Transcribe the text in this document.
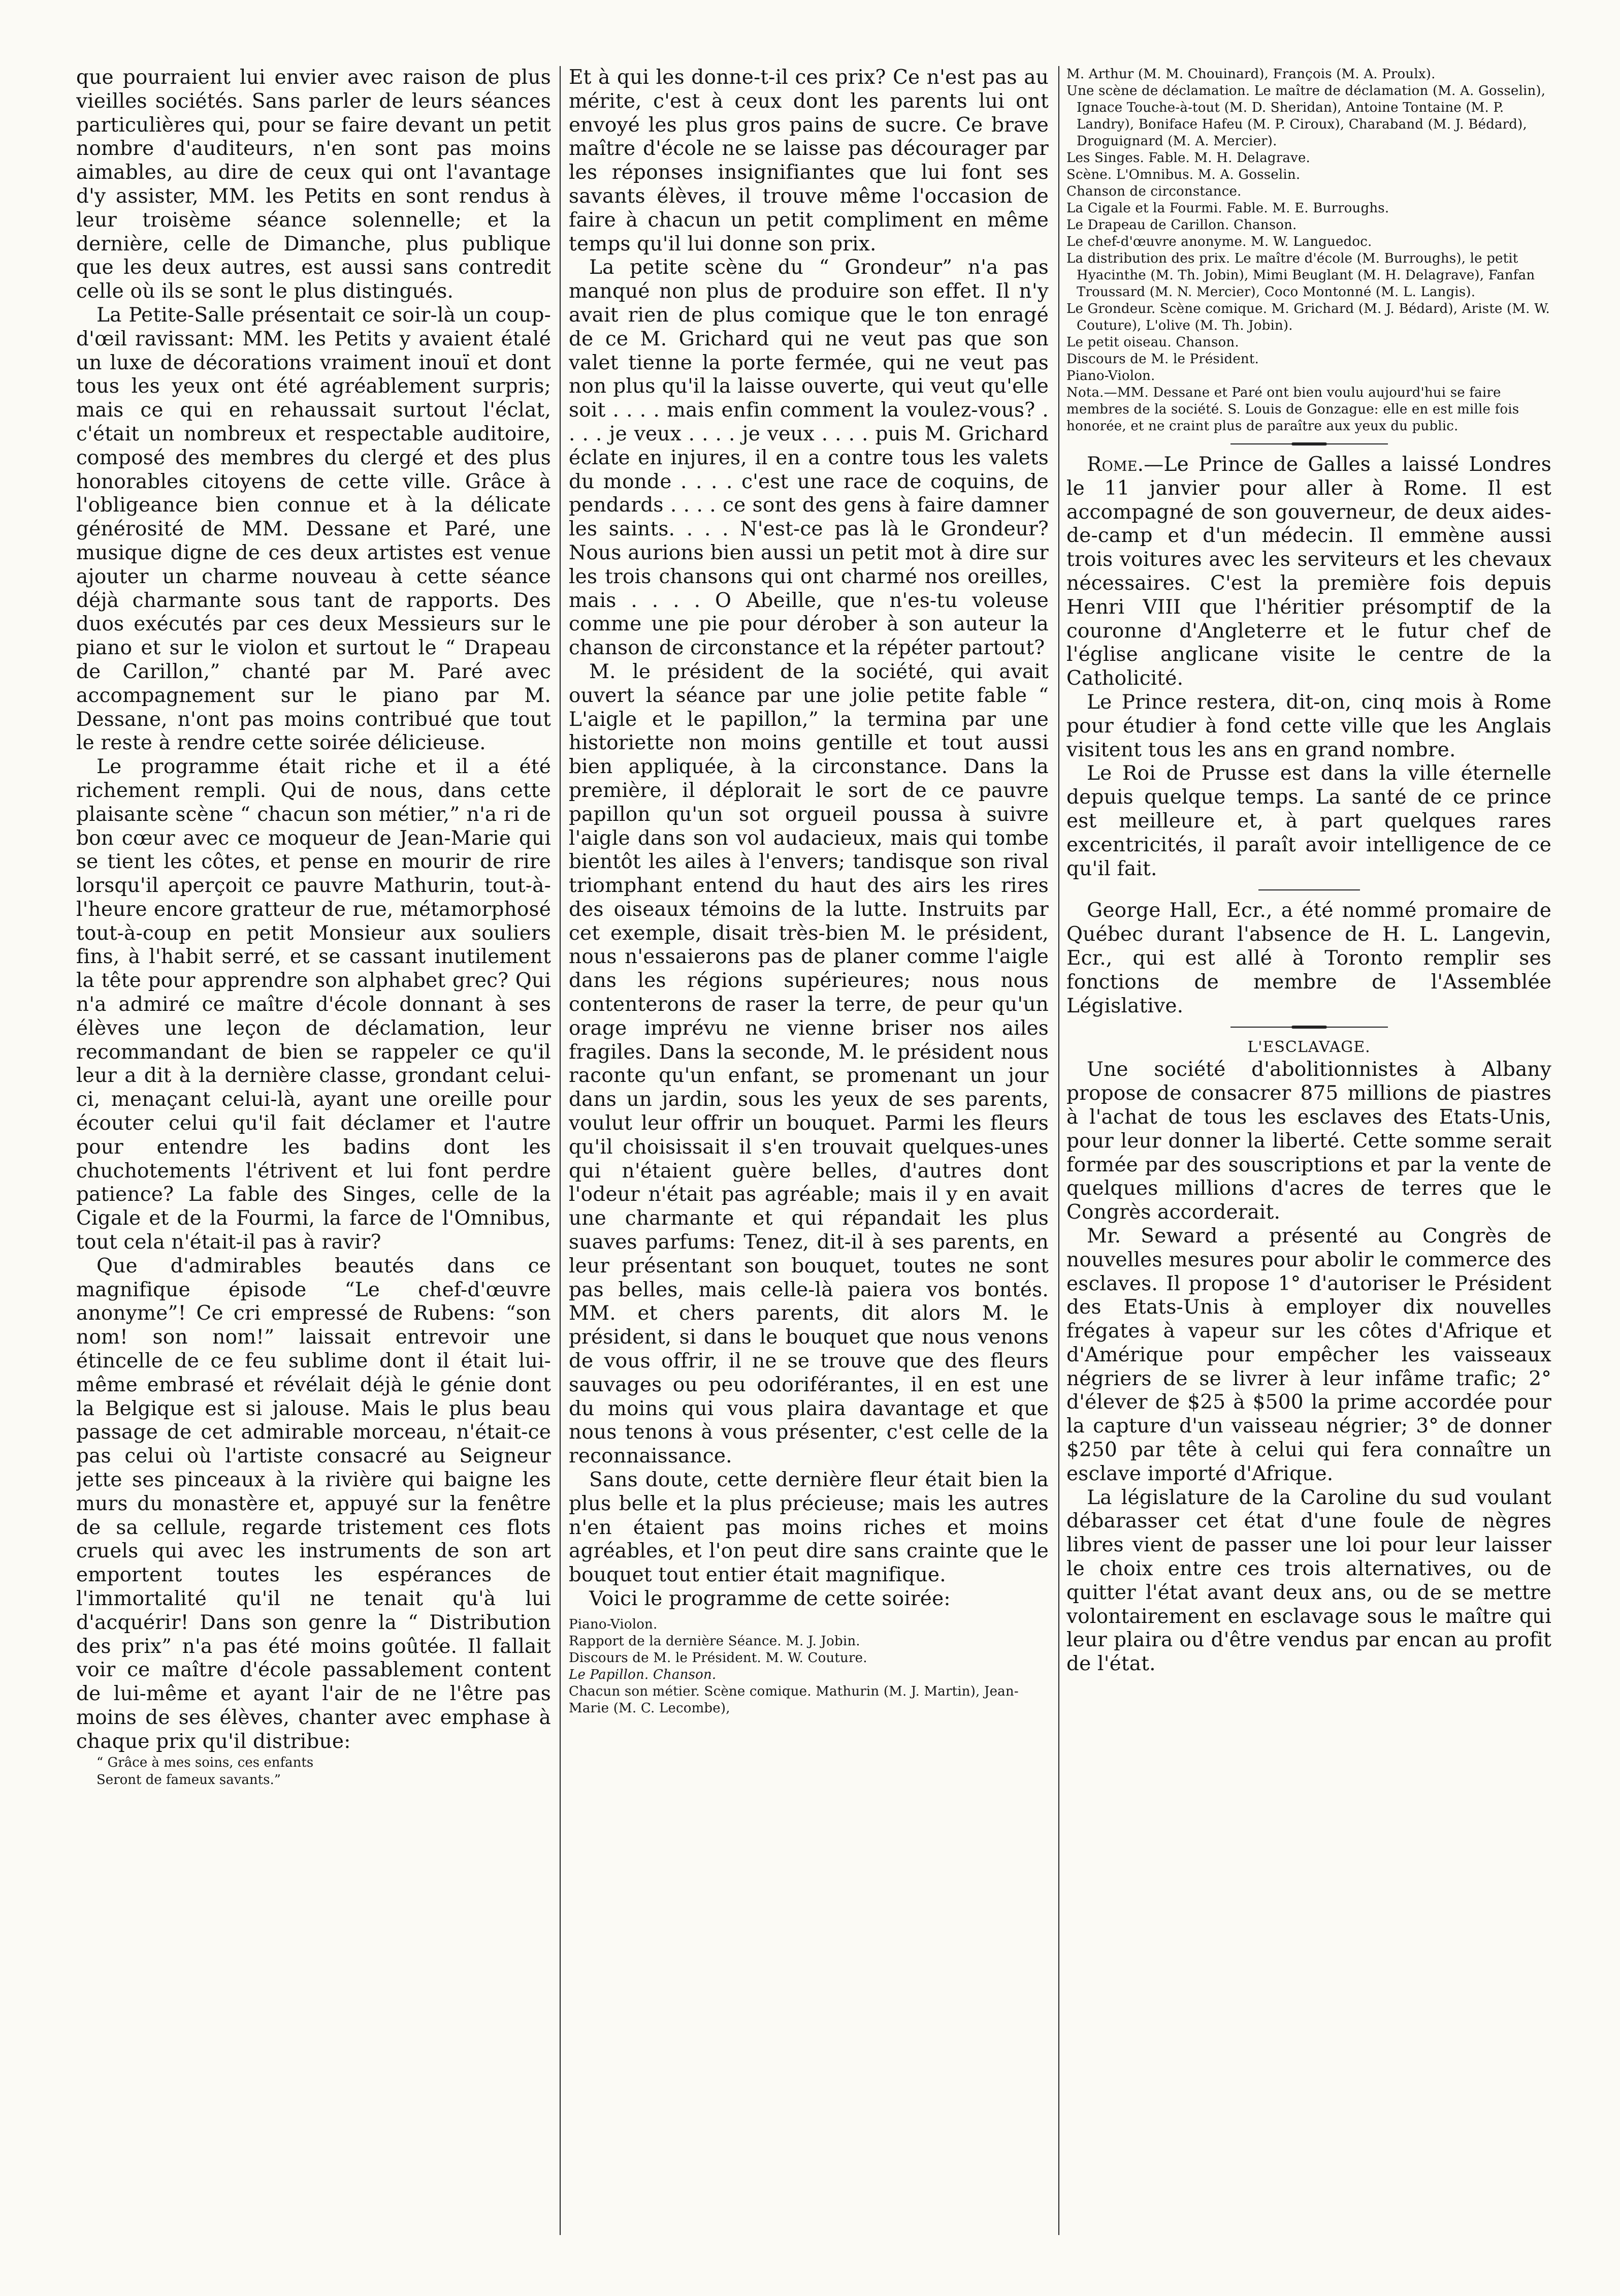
que pourraient lui envier avec raison de plus vieilles sociétés. Sans parler de leurs séances particulières qui, pour se faire devant un petit nombre d'auditeurs, n'en sont pas moins aimables, au dire de ceux qui ont l'avantage d'y assister, MM. les Petits en sont rendus à leur troisème séance solennelle; et la dernière, celle de Dimanche, plus publique que les deux autres, est aussi sans contredit celle où ils se sont le plus distingués.

La Petite-Salle présentait ce soir-là un coup-d'œil ravissant: MM. les Petits y avaient étalé un luxe de décorations vraiment inouï et dont tous les yeux ont été agréablement surpris; mais ce qui en rehaussait surtout l'éclat, c'était un nombreux et respectable auditoire, composé des membres du clergé et des plus honorables citoyens de cette ville. Grâce à l'obligeance bien connue et à la délicate générosité de MM. Dessane et Paré, une musique digne de ces deux artistes est venue ajouter un charme nouveau à cette séance déjà charmante sous tant de rapports. Des duos exécutés par ces deux Messieurs sur le piano et sur le violon et surtout le “ Drapeau de Carillon,” chanté par M. Paré avec accompagnement sur le piano par M. Dessane, n'ont pas moins contribué que tout le reste à rendre cette soirée délicieuse.

Le programme était riche et il a été richement rempli. Qui de nous, dans cette plaisante scène “ chacun son métier,” n'a ri de bon cœur avec ce moqueur de Jean-Marie qui se tient les côtes, et pense en mourir de rire lorsqu'il aperçoit ce pauvre Mathurin, tout-à-l'heure encore gratteur de rue, métamorphosé tout-à-coup en petit Monsieur aux souliers fins, à l'habit serré, et se cassant inutilement la tête pour apprendre son alphabet grec? Qui n'a admiré ce maître d'école donnant à ses élèves une leçon de déclamation, leur recommandant de bien se rappeler ce qu'il leur a dit à la dernière classe, grondant celui-ci, menaçant celui-là, ayant une oreille pour écouter celui qu'il fait déclamer et l'autre pour entendre les badins dont les chuchotements l'étrivent et lui font perdre patience? La fable des Singes, celle de la Cigale et de la Fourmi, la farce de l'Omnibus, tout cela n'était-il pas à ravir?

Que d'admirables beautés dans ce magnifique épisode “Le chef-d'œuvre anonyme”! Ce cri empressé de Rubens: “son nom! son nom!” laissait entrevoir une étincelle de ce feu sublime dont il était lui-même embrasé et révélait déjà le génie dont la Belgique est si jalouse. Mais le plus beau passage de cet admirable morceau, n'était-ce pas celui où l'artiste consacré au Seigneur jette ses pinceaux à la rivière qui baigne les murs du monastère et, appuyé sur la fenêtre de sa cellule, regarde tristement ces flots cruels qui avec les instruments de son art emportent toutes les espérances de l'immortalité qu'il ne tenait qu'à lui d'acquérir! Dans son genre la “ Distribution des prix” n'a pas été moins goûtée. Il fallait voir ce maître d'école passablement content de lui-même et ayant l'air de ne l'être pas moins de ses élèves, chanter avec emphase à chaque prix qu'il distribue:

“ Grâce à mes soins, ces enfants
Seront de fameux savants.”

Et à qui les donne-t-il ces prix? Ce n'est pas au mérite, c'est à ceux dont les parents lui ont envoyé les plus gros pains de sucre. Ce brave maître d'école ne se laisse pas décourager par les réponses insignifiantes que lui font ses savants élèves, il trouve même l'occasion de faire à chacun un petit compliment en même temps qu'il lui donne son prix.

La petite scène du “ Grondeur” n'a pas manqué non plus de produire son effet. Il n'y avait rien de plus comique que le ton enragé de ce M. Grichard qui ne veut pas que son valet tienne la porte fermée, qui ne veut pas non plus qu'il la laisse ouverte, qui veut qu'elle soit . . . . mais enfin comment la voulez-vous? . . . . je veux . . . . je veux . . . . puis M. Grichard éclate en injures, il en a contre tous les valets du monde . . . . c'est une race de coquins, de pendards . . . . ce sont des gens à faire damner les saints. . . . N'est-ce pas là le Grondeur? Nous aurions bien aussi un petit mot à dire sur les trois chansons qui ont charmé nos oreilles, mais . . . . O Abeille, que n'es-tu voleuse comme une pie pour dérober à son auteur la chanson de circonstance et la répéter partout?

M. le président de la société, qui avait ouvert la séance par une jolie petite fable “ L'aigle et le papillon,” la termina par une historiette non moins gentille et tout aussi bien appliquée, à la circonstance. Dans la première, il déplorait le sort de ce pauvre papillon qu'un sot orgueil poussa à suivre l'aigle dans son vol audacieux, mais qui tombe bientôt les ailes à l'envers; tandisque son rival triomphant entend du haut des airs les rires des oiseaux témoins de la lutte. Instruits par cet exemple, disait très-bien M. le président, nous n'essaierons pas de planer comme l'aigle dans les régions supérieures; nous nous contenterons de raser la terre, de peur qu'un orage imprévu ne vienne briser nos ailes fragiles. Dans la seconde, M. le président nous raconte qu'un enfant, se promenant un jour dans un jardin, sous les yeux de ses parents, voulut leur offrir un bouquet. Parmi les fleurs qu'il choisissait il s'en trouvait quelques-unes qui n'étaient guère belles, d'autres dont l'odeur n'était pas agréable; mais il y en avait une charmante et qui répandait les plus suaves parfums: Tenez, dit-il à ses parents, en leur présentant son bouquet, toutes ne sont pas belles, mais celle-là paiera vos bontés. MM. et chers parents, dit alors M. le président, si dans le bouquet que nous venons de vous offrir, il ne se trouve que des fleurs sauvages ou peu odoriférantes, il en est une du moins qui vous plaira davantage et que nous tenons à vous présenter, c'est celle de la reconnaissance.

Sans doute, cette dernière fleur était bien la plus belle et la plus précieuse; mais les autres n'en étaient pas moins riches et moins agréables, et l'on peut dire sans crainte que le bouquet tout entier était magnifique.

Voici le programme de cette soirée:

Piano-Violon.

Rapport de la dernière Séance. M. J. Jobin.

Discours de M. le Président. M. W. Couture.

Le Papillon. Chanson.

Chacun son métier. Scène comique. Mathurin (M. J. Martin), Jean-Marie (M. C. Lecombe),

M. Arthur (M. M. Chouinard), François (M. A. Proulx).

Une scène de déclamation. Le maître de déclamation (M. A. Gosselin), Ignace Touche-à-tout (M. D. Sheridan), Antoine Tontaine (M. P. Landry), Boniface Hafeu (M. P. Ciroux), Charaband (M. J. Bédard), Droguignard (M. A. Mercier).

Les Singes. Fable. M. H. Delagrave.

Scène. L'Omnibus. M. A. Gosselin.

Chanson de circonstance.

La Cigale et la Fourmi. Fable. M. E. Burroughs.

Le Drapeau de Carillon. Chanson.

Le chef-d'œuvre anonyme. M. W. Languedoc.

La distribution des prix. Le maître d'école (M. Burroughs), le petit Hyacinthe (M. Th. Jobin), Mimi Beuglant (M. H. Delagrave), Fanfan Troussard (M. N. Mercier), Coco Montonné (M. L. Langis).

Le Grondeur. Scène comique. M. Grichard (M. J. Bédard), Ariste (M. W. Couture), L'olive (M. Th. Jobin).

Le petit oiseau. Chanson.

Discours de M. le Président.

Piano-Violon.

Nota.—MM. Dessane et Paré ont bien voulu aujourd'hui se faire membres de la société. S. Louis de Gonzague: elle en est mille fois honorée, et ne craint plus de paraître aux yeux du public.

Rome.—Le Prince de Galles a laissé Londres le 11 janvier pour aller à Rome. Il est accompagné de son gouverneur, de deux aides-de-camp et d'un médecin. Il emmène aussi trois voitures avec les serviteurs et les chevaux nécessaires. C'est la première fois depuis Henri VIII que l'héritier présomptif de la couronne d'Angleterre et le futur chef de l'église anglicane visite le centre de la Catholicité.

Le Prince restera, dit-on, cinq mois à Rome pour étudier à fond cette ville que les Anglais visitent tous les ans en grand nombre.

Le Roi de Prusse est dans la ville éternelle depuis quelque temps. La santé de ce prince est meilleure et, à part quelques rares excentricités, il paraît avoir intelligence de ce qu'il fait.

George Hall, Ecr., a été nommé promaire de Québec durant l'absence de H. L. Langevin, Ecr., qui est allé à Toronto remplir ses fonctions de membre de l'Assemblée Législative.

L'ESCLAVAGE.

Une société d'abolitionnistes à Albany propose de consacrer 875 millions de piastres à l'achat de tous les esclaves des Etats-Unis, pour leur donner la liberté. Cette somme serait formée par des souscriptions et par la vente de quelques millions d'acres de terres que le Congrès accorderait.

Mr. Seward a présenté au Congrès de nouvelles mesures pour abolir le commerce des esclaves. Il propose 1° d'autoriser le Président des Etats-Unis à employer dix nouvelles frégates à vapeur sur les côtes d'Afrique et d'Amérique pour empêcher les vaisseaux négriers de se livrer à leur infâme trafic; 2° d'élever de $25 à $500 la prime accordée pour la capture d'un vaisseau négrier; 3° de donner $250 par tête à celui qui fera connaître un esclave importé d'Afrique.

La législature de la Caroline du sud voulant débarasser cet état d'une foule de nègres libres vient de passer une loi pour leur laisser le choix entre ces trois alternatives, ou de quitter l'état avant deux ans, ou de se mettre volontairement en esclavage sous le maître qui leur plaira ou d'être vendus par encan au profit de l'état.
